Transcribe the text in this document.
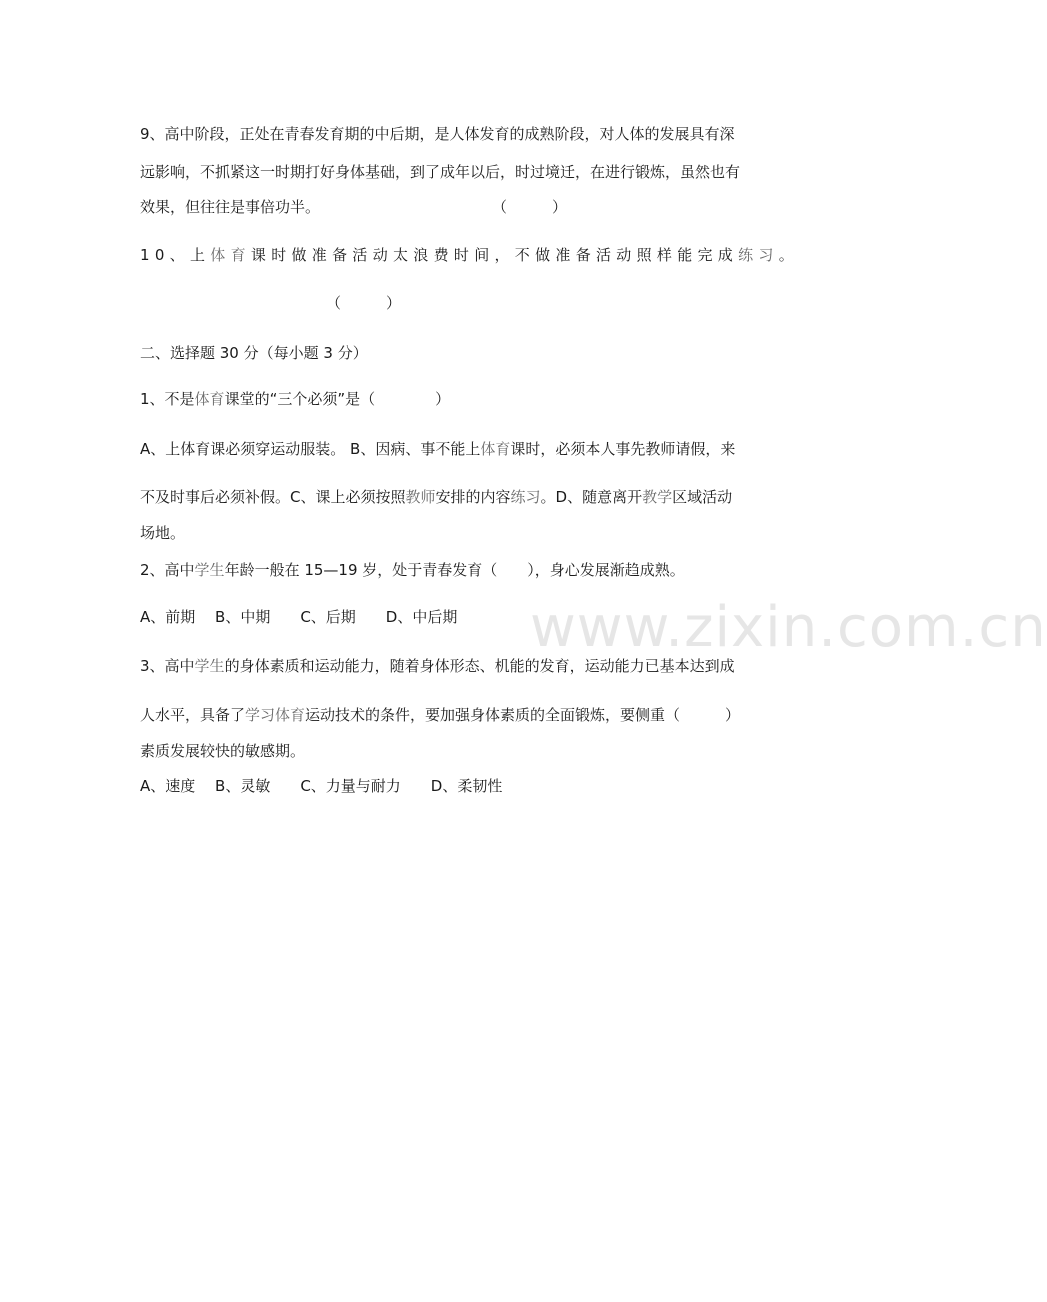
www.zixin.com.cn
9、高中阶段，正处在青春发育期的中后期，是人体发育的成熟阶段，对人体的发展具有深
远影响，不抓紧这一时期打好身体基础，到了成年以后，时过境迁，在进行锻炼，虽然也有
效果，但往往是事倍功半。	（　　　）
10、上体育课时做准备活动太浪费时间，不做准备活动照样能完成练习。
（　　　）
二、选择题 30 分（每小题 3 分）
1、不是体育课堂的“三个必须”是（　　　　）
A、上体育课必须穿运动服装。 B、因病、事不能上体育课时，必须本人事先教师请假，来
不及时事后必须补假。C、课上必须按照教师安排的内容练习。D、随意离开教学区域活动
场地。
2、高中学生年龄一般在 15—19 岁，处于青春发育（　　），身心发展渐趋成熟。
A、前期　 B、中期　　C、后期　　D、中后期
3、高中学生的身体素质和运动能力，随着身体形态、机能的发育，运动能力已基本达到成
人水平，具备了学习体育运动技术的条件，要加强身体素质的全面锻炼，要侧重（　　　）
素质发展较快的敏感期。
A、速度　 B、灵敏　　C、力量与耐力　　D、柔韧性
